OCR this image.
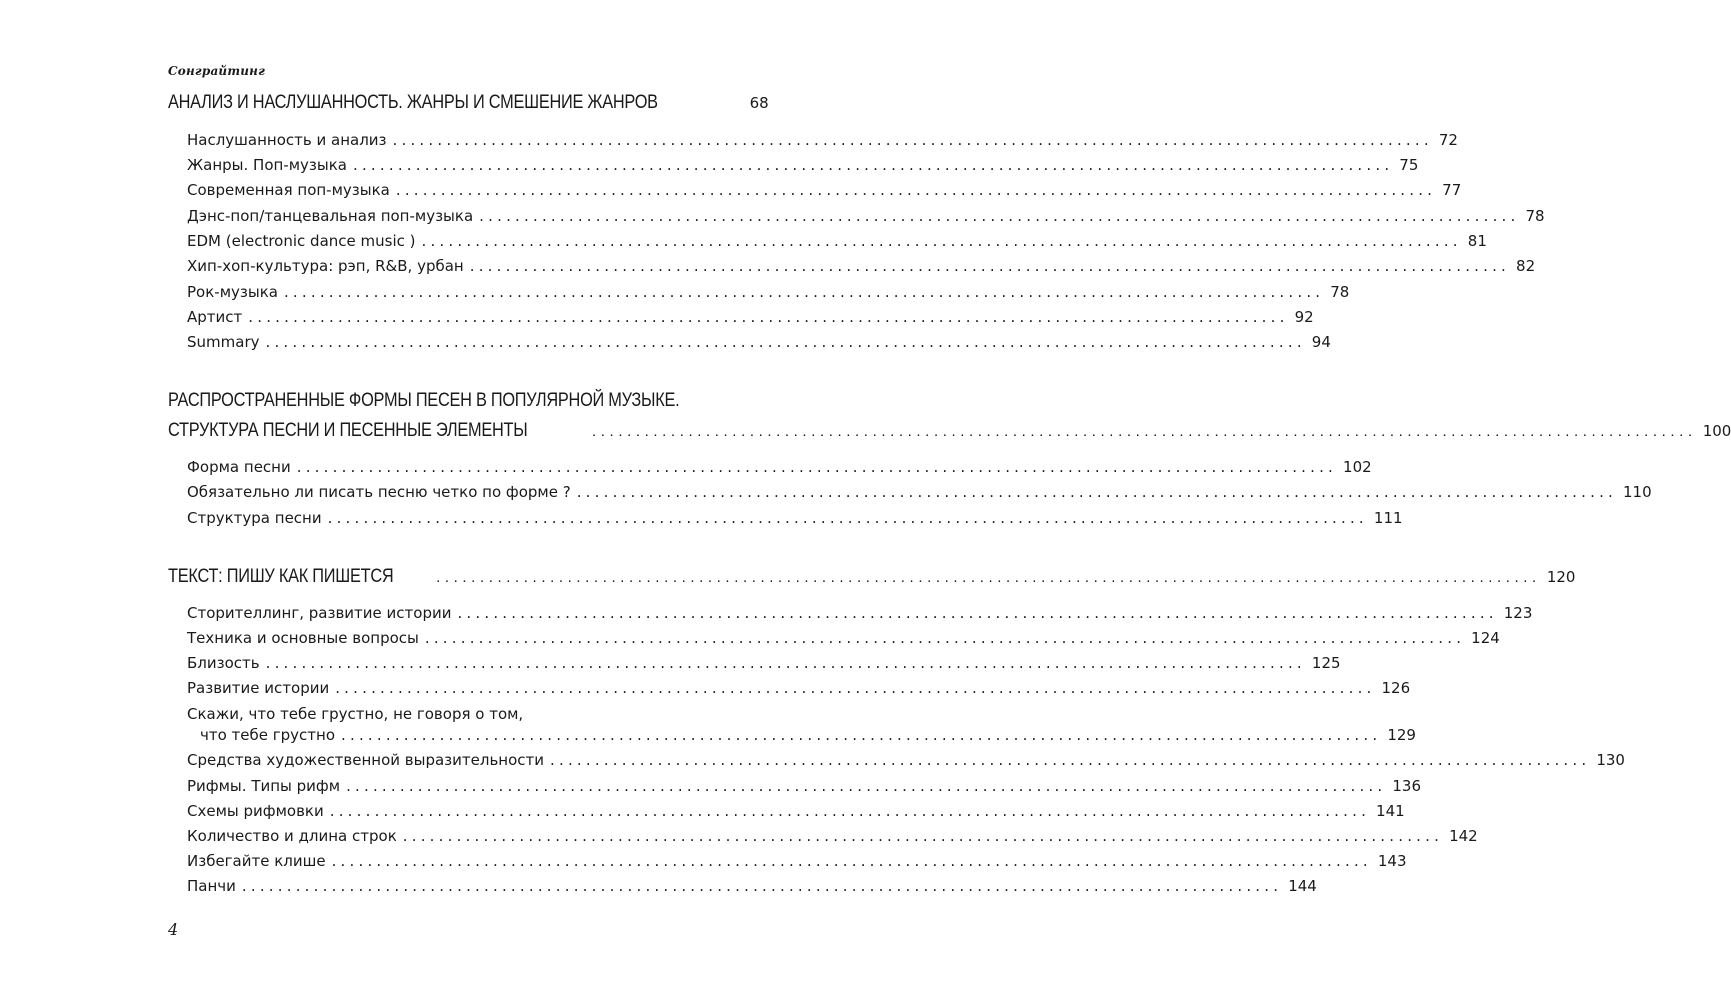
Сонграйтинг
АНАЛИЗ И НАСЛУШАННОСТЬ. ЖАНРЫ И СМЕШЕНИЕ ЖАНРОВ	68
Наслушанность и анализ .................................................................................................................... 72
Жанры. Поп-музыка .................................................................................................................... 75
Современная поп-музыка .................................................................................................................... 77
Дэнс-поп/танцевальная поп-музыка .................................................................................................................... 78
EDM (electronic dance music ) .................................................................................................................... 81
Хип-хоп-культура: рэп, R&B, урбан .................................................................................................................... 82
Рок-музыка .................................................................................................................... 78
Артист .................................................................................................................... 92
Summary .................................................................................................................... 94
РАСПРОСТРАНЕННЫЕ ФОРМЫ ПЕСЕН В ПОПУЛЯРНОЙ МУЗЫКЕ.
СТРУКТУРА ПЕСНИ И ПЕСЕННЫЕ ЭЛЕМЕНТЫ	.............................................................................................................................. 100
Форма песни .................................................................................................................... 102
Обязательно ли писать песню четко по форме ? .................................................................................................................... 110
Структура песни .................................................................................................................... 111
ТЕКСТ: ПИШУ КАК ПИШЕТСЯ	.............................................................................................................................. 120
Сторителлинг, развитие истории .................................................................................................................... 123
Техника и основные вопросы .................................................................................................................... 124
Близость .................................................................................................................... 125
Развитие истории .................................................................................................................... 126
Скажи, что тебе грустно, не говоря о том,
что тебе грустно .................................................................................................................... 129
Средства художественной выразительности .................................................................................................................... 130
Рифмы. Типы рифм .................................................................................................................... 136
Схемы рифмовки .................................................................................................................... 141
Количество и длина строк .................................................................................................................... 142
Избегайте клише .................................................................................................................... 143
Панчи .................................................................................................................... 144
4
